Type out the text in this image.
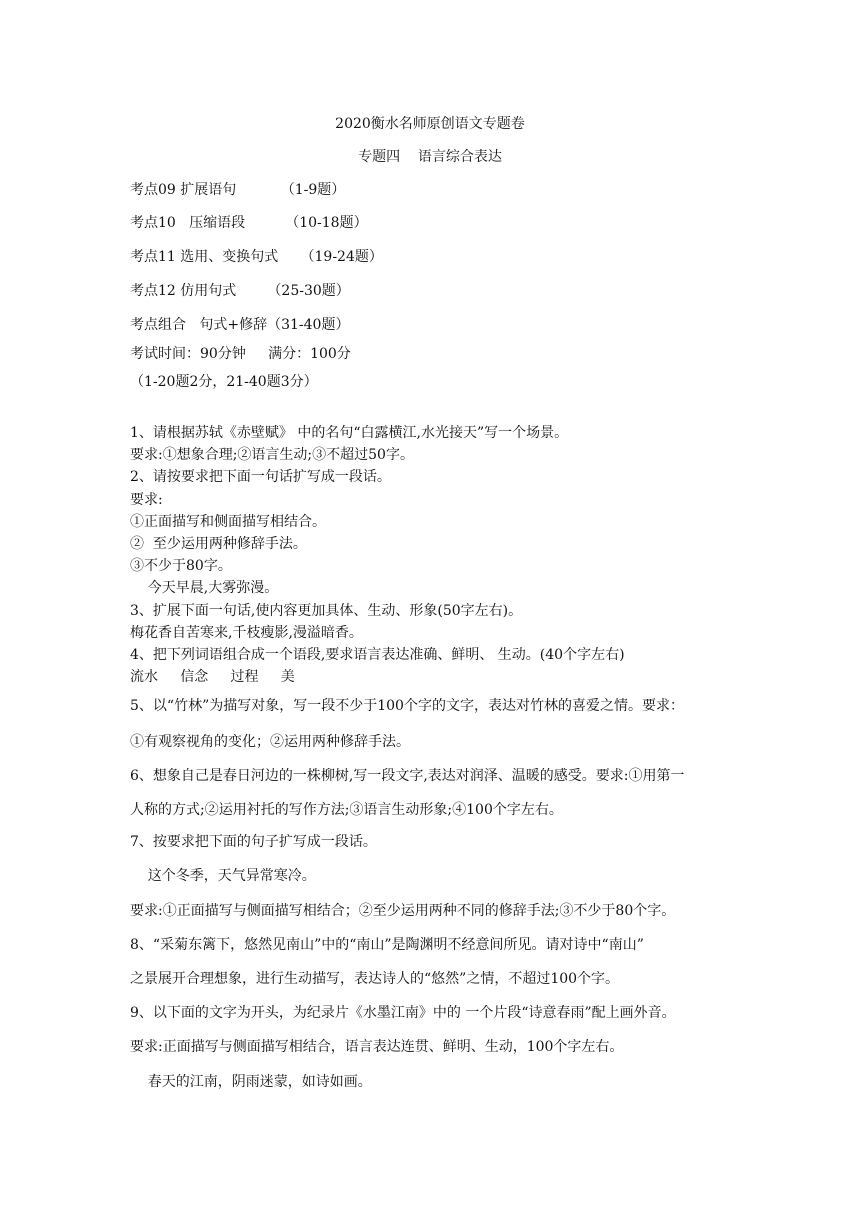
2020衡水名师原创语文专题卷
专题四    语言综合表达
考点09 扩展语句          （1-9题）
考点10   压缩语段         （10-18题）
考点11 选用、变换句式     （19-24题）
考点12 仿用句式       （25-30题）
考点组合   句式+修辞（31-40题）
考试时间：90分钟     满分：100分
（1-20题2分，21-40题3分）
1、请根据苏轼《赤壁赋》 中的名句“白露横江,水光接天”写一个场景。
要求:①想象合理;②语言生动;③不超过50字。
2、请按要求把下面一句话扩写成一段话。
要求:
①正面描写和侧面描写相结合。
②  至少运用两种修辞手法。
③不少于80字。
今天早晨,大雾弥漫。
3、扩展下面一句话,使内容更加具体、生动、形象(50字左右)。
梅花香自苦寒来,千枝瘦影,漫溢暗香。
4、把下列词语组合成一个语段,要求语言表达准确、鲜明、 生动。(40个字左右)
流水     信念     过程     美
5、以“竹林”为描写对象，写一段不少于100个字的文字，表达对竹林的喜爱之情。要求：
①有观察视角的变化；②运用两种修辞手法。
6、想象自己是春日河边的一株柳树,写一段文字,表达对润泽、温暖的感受。要求:①用第一
人称的方式;②运用衬托的写作方法;③语言生动形象;④100个字左右。
7、按要求把下面的句子扩写成一段话。
这个冬季，天气异常寒冷。
要求:①正面描写与侧面描写相结合；②至少运用两种不同的修辞手法;③不少于80个字。
8、“采菊东篱下，悠然见南山”中的“南山”是陶渊明不经意间所见。请对诗中“南山”
之景展开合理想象，进行生动描写，表达诗人的“悠然”之情，不超过100个字。
9、以下面的文字为开头，为纪录片《水墨江南》中的 一个片段“诗意春雨”配上画外音。
要求:正面描写与侧面描写相结合，语言表达连贯、鲜明、生动，100个字左右。
春天的江南，阴雨迷蒙，如诗如画。
